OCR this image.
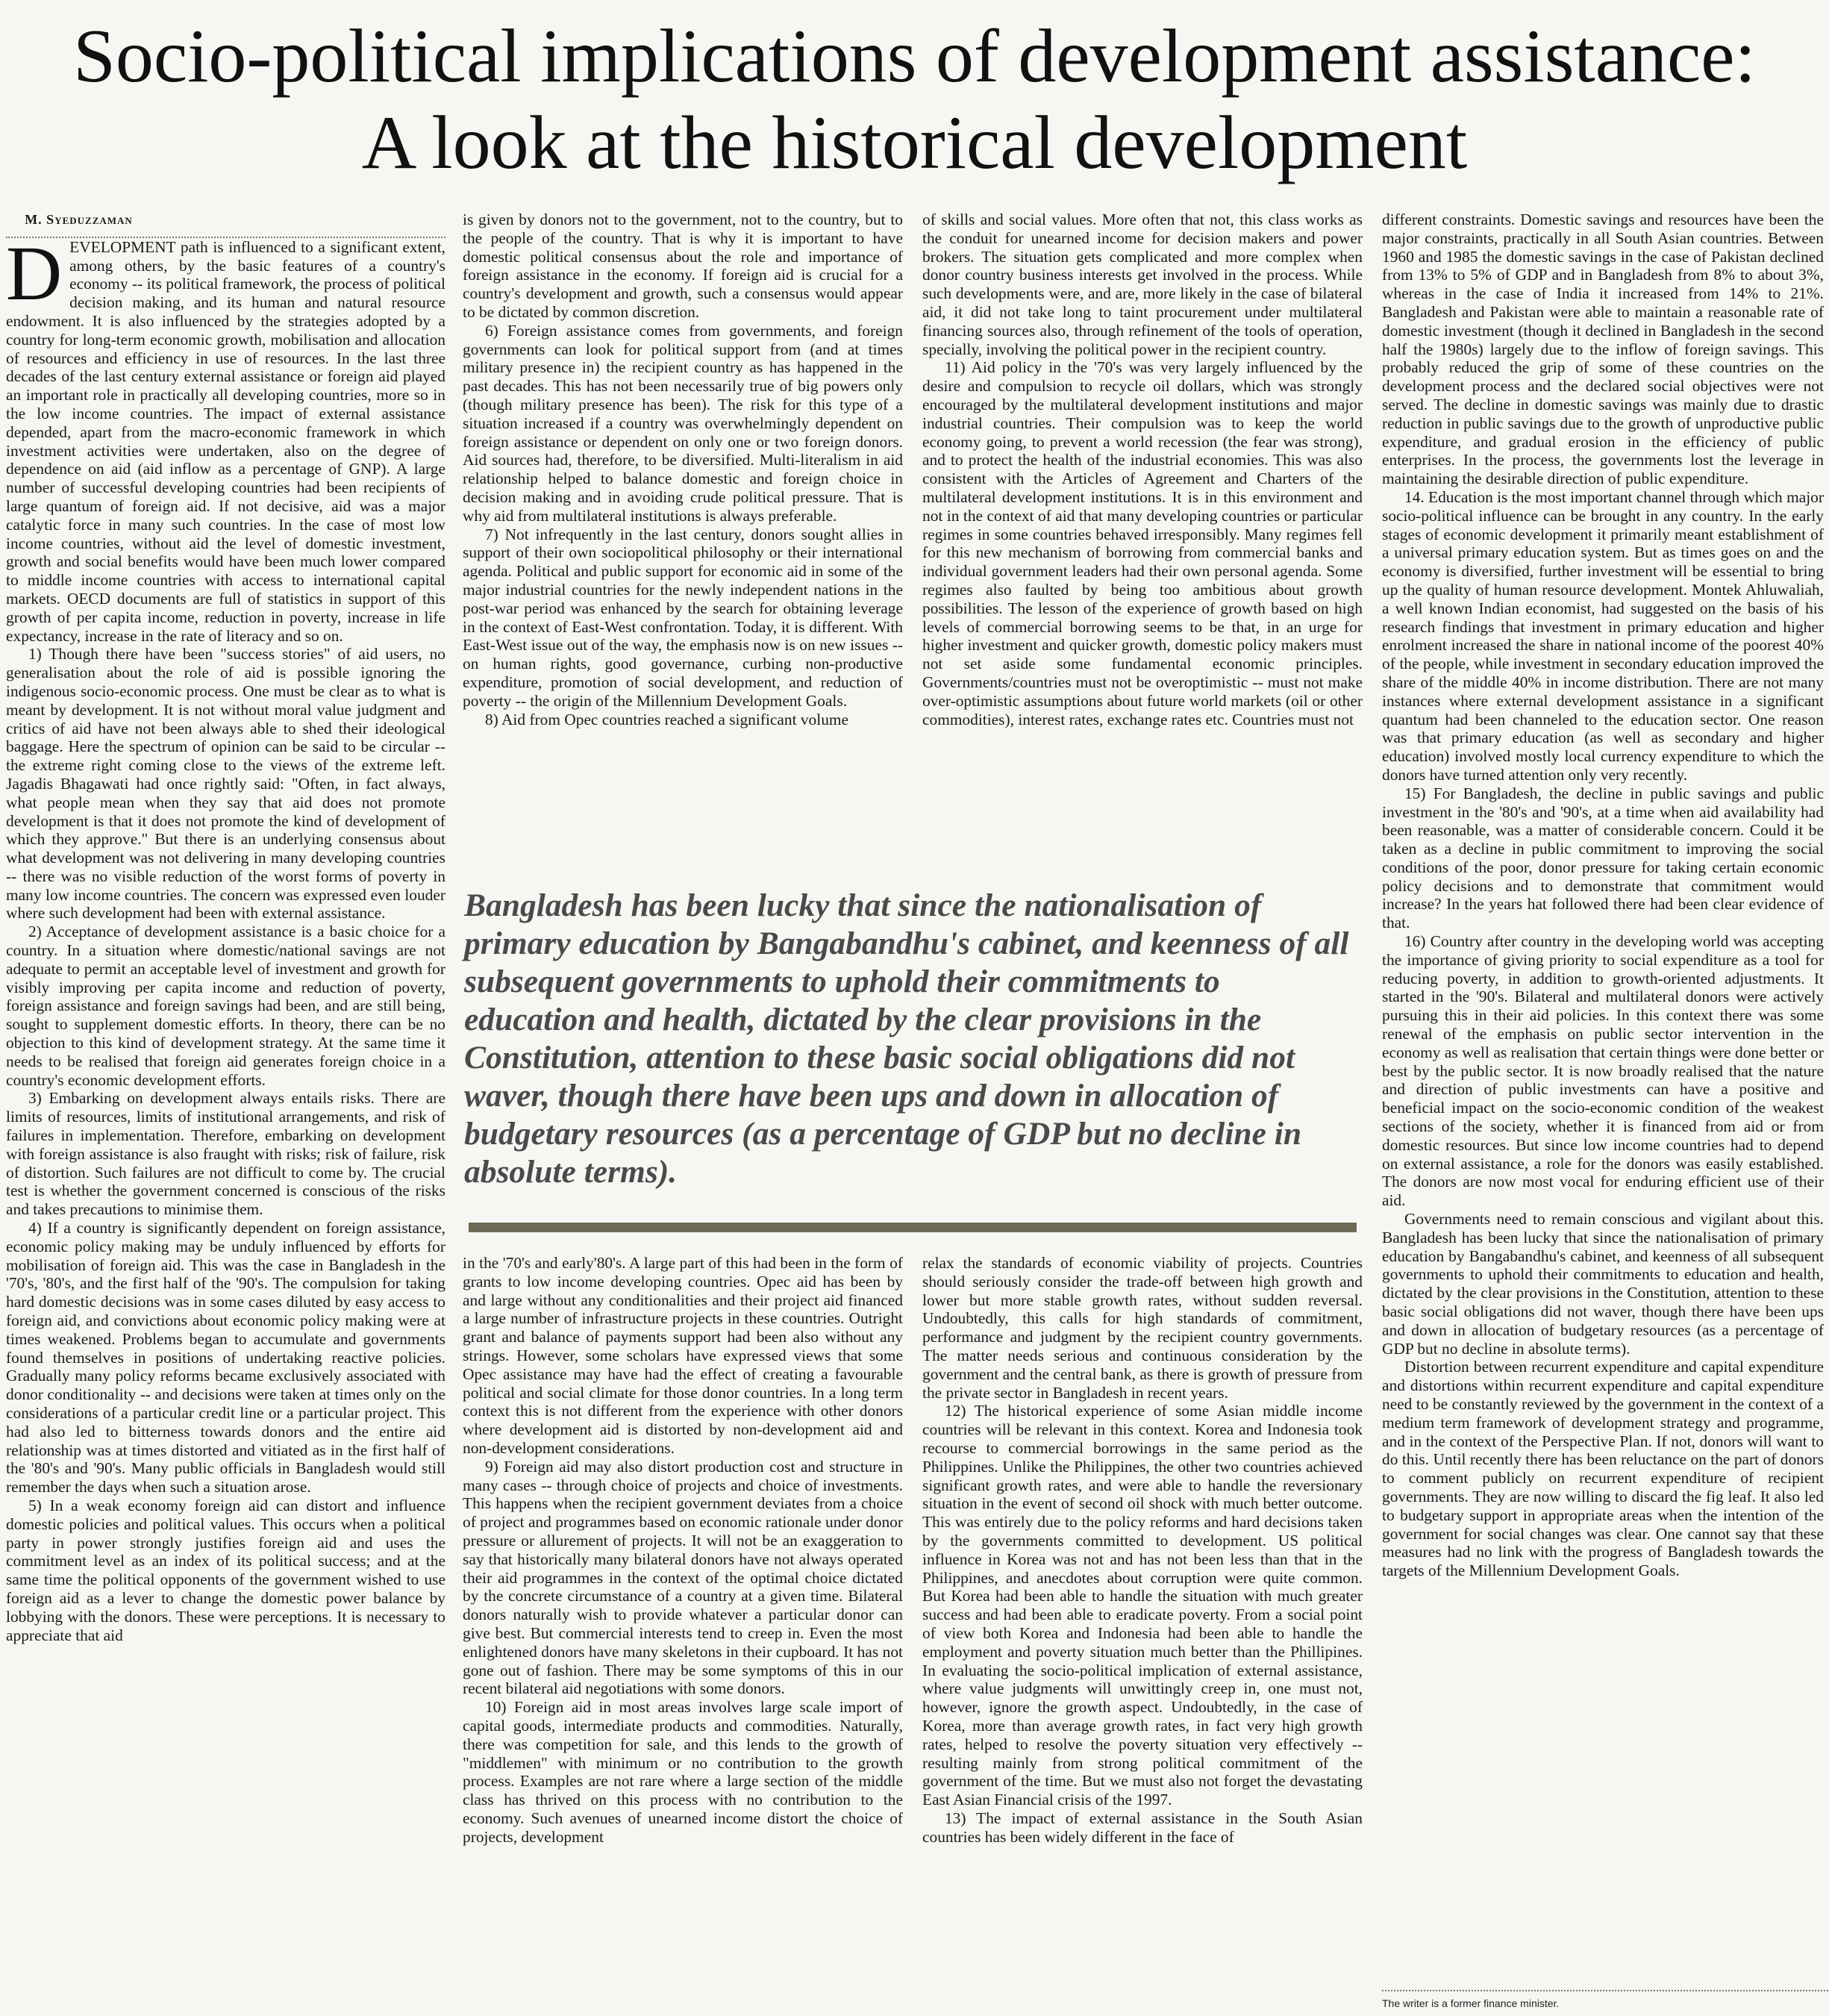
Socio-political implications of development assistance:
A look at the historical development

M. Syeduzzaman

DEVELOPMENT path is influenced to a significant extent, among others, by the basic features of a country's economy -- its political framework, the process of political decision making, and its human and natural resource endowment. It is also influenced by the strategies adopted by a country for long-term economic growth, mobilisation and allocation of resources and efficiency in use of resources. In the last three decades of the last century external assistance or foreign aid played an important role in practically all developing countries, more so in the low income countries. The impact of external assistance depended, apart from the macro-economic framework in which investment activities were undertaken, also on the degree of dependence on aid (aid inflow as a percentage of GNP). A large number of successful developing countries had been recipients of large quantum of foreign aid. If not decisive, aid was a major catalytic force in many such countries. In the case of most low income countries, without aid the level of domestic investment, growth and social benefits would have been much lower compared to middle income countries with access to international capital markets. OECD documents are full of statistics in support of this growth of per capita income, reduction in poverty, increase in life expectancy, increase in the rate of literacy and so on.

1) Though there have been "success stories" of aid users, no generalisation about the role of aid is possible ignoring the indigenous socio-economic process. One must be clear as to what is meant by development. It is not without moral value judgment and critics of aid have not been always able to shed their ideological baggage. Here the spectrum of opinion can be said to be circular -- the extreme right coming close to the views of the extreme left. Jagadis Bhagawati had once rightly said: "Often, in fact always, what people mean when they say that aid does not promote development is that it does not promote the kind of development of which they approve." But there is an underlying consensus about what development was not delivering in many developing countries -- there was no visible reduction of the worst forms of poverty in many low income countries. The concern was expressed even louder where such development had been with external assistance.

2) Acceptance of development assistance is a basic choice for a country. In a situation where domestic/national savings are not adequate to permit an acceptable level of investment and growth for visibly improving per capita income and reduction of poverty, foreign assistance and foreign savings had been, and are still being, sought to supplement domestic efforts. In theory, there can be no objection to this kind of development strategy. At the same time it needs to be realised that foreign aid generates foreign choice in a country's economic development efforts.

3) Embarking on development always entails risks. There are limits of resources, limits of institutional arrangements, and risk of failures in implementation. Therefore, embarking on development with foreign assistance is also fraught with risks; risk of failure, risk of distortion. Such failures are not difficult to come by. The crucial test is whether the government concerned is conscious of the risks and takes precautions to minimise them.

4) If a country is significantly dependent on foreign assistance, economic policy making may be unduly influenced by efforts for mobilisation of foreign aid. This was the case in Bangladesh in the '70's, '80's, and the first half of the '90's. The compulsion for taking hard domestic decisions was in some cases diluted by easy access to foreign aid, and convictions about economic policy making were at times weakened. Problems began to accumulate and governments found themselves in positions of undertaking reactive policies. Gradually many policy reforms became exclusively associated with donor conditionality -- and decisions were taken at times only on the considerations of a particular credit line or a particular project. This had also led to bitterness towards donors and the entire aid relationship was at times distorted and vitiated as in the first half of the '80's and '90's. Many public officials in Bangladesh would still remember the days when such a situation arose.

5) In a weak economy foreign aid can distort and influence domestic policies and political values. This occurs when a political party in power strongly justifies foreign aid and uses the commitment level as an index of its political success; and at the same time the political opponents of the government wished to use foreign aid as a lever to change the domestic power balance by lobbying with the donors. These were perceptions. It is necessary to appreciate that aid

is given by donors not to the government, not to the country, but to the people of the country. That is why it is important to have domestic political consensus about the role and importance of foreign assistance in the economy. If foreign aid is crucial for a country's development and growth, such a consensus would appear to be dictated by common discretion.

6) Foreign assistance comes from governments, and foreign governments can look for political support from (and at times military presence in) the recipient country as has happened in the past decades. This has not been necessarily true of big powers only (though military presence has been). The risk for this type of a situation increased if a country was overwhelmingly dependent on foreign assistance or dependent on only one or two foreign donors. Aid sources had, therefore, to be diversified. Multi-literalism in aid relationship helped to balance domestic and foreign choice in decision making and in avoiding crude political pressure. That is why aid from multilateral institutions is always preferable.

7) Not infrequently in the last century, donors sought allies in support of their own sociopolitical philosophy or their international agenda. Political and public support for economic aid in some of the major industrial countries for the newly independent nations in the post-war period was enhanced by the search for obtaining leverage in the context of East-West confrontation. Today, it is different. With East-West issue out of the way, the emphasis now is on new issues -- on human rights, good governance, curbing non-productive expenditure, promotion of social development, and reduction of poverty -- the origin of the Millennium Development Goals.

8) Aid from Opec countries reached a significant volume

of skills and social values. More often that not, this class works as the conduit for unearned income for decision makers and power brokers. The situation gets complicated and more complex when donor country business interests get involved in the process. While such developments were, and are, more likely in the case of bilateral aid, it did not take long to taint procurement under multilateral financing sources also, through refinement of the tools of operation, specially, involving the political power in the recipient country.

11) Aid policy in the '70's was very largely influenced by the desire and compulsion to recycle oil dollars, which was strongly encouraged by the multilateral development institutions and major industrial countries. Their compulsion was to keep the world economy going, to prevent a world recession (the fear was strong), and to protect the health of the industrial economies. This was also consistent with the Articles of Agreement and Charters of the multilateral development institutions. It is in this environment and not in the context of aid that many developing countries or particular regimes in some countries behaved irresponsibly. Many regimes fell for this new mechanism of borrowing from commercial banks and individual government leaders had their own personal agenda. Some regimes also faulted by being too ambitious about growth possibilities. The lesson of the experience of growth based on high levels of commercial borrowing seems to be that, in an urge for higher investment and quicker growth, domestic policy makers must not set aside some fundamental economic principles. Governments/countries must not be overoptimistic -- must not make over-optimistic assumptions about future world markets (oil or other commodities), interest rates, exchange rates etc. Countries must not

Bangladesh has been lucky that since the nationalisation of primary education by Bangabandhu's cabinet, and keenness of all subsequent governments to uphold their commitments to education and health, dictated by the clear provisions in the Constitution, attention to these basic social obligations did not waver, though there have been ups and down in allocation of budgetary resources (as a percentage of GDP but no decline in absolute terms).

in the '70's and early'80's. A large part of this had been in the form of grants to low income developing countries. Opec aid has been by and large without any conditionalities and their project aid financed a large number of infrastructure projects in these countries. Outright grant and balance of payments support had been also without any strings. However, some scholars have expressed views that some Opec assistance may have had the effect of creating a favourable political and social climate for those donor countries. In a long term context this is not different from the experience with other donors where development aid is distorted by non-development aid and non-development considerations.

9) Foreign aid may also distort production cost and structure in many cases -- through choice of projects and choice of investments. This happens when the recipient government deviates from a choice of project and programmes based on economic rationale under donor pressure or allurement of projects. It will not be an exaggeration to say that historically many bilateral donors have not always operated their aid programmes in the context of the optimal choice dictated by the concrete circumstance of a country at a given time. Bilateral donors naturally wish to provide whatever a particular donor can give best. But commercial interests tend to creep in. Even the most enlightened donors have many skeletons in their cupboard. It has not gone out of fashion. There may be some symptoms of this in our recent bilateral aid negotiations with some donors.

10) Foreign aid in most areas involves large scale import of capital goods, intermediate products and commodities. Naturally, there was competition for sale, and this lends to the growth of "middlemen" with minimum or no contribution to the growth process. Examples are not rare where a large section of the middle class has thrived on this process with no contribution to the economy. Such avenues of unearned income distort the choice of projects, development

relax the standards of economic viability of projects. Countries should seriously consider the trade-off between high growth and lower but more stable growth rates, without sudden reversal. Undoubtedly, this calls for high standards of commitment, performance and judgment by the recipient country governments. The matter needs serious and continuous consideration by the government and the central bank, as there is growth of pressure from the private sector in Bangladesh in recent years.

12) The historical experience of some Asian middle income countries will be relevant in this context. Korea and Indonesia took recourse to commercial borrowings in the same period as the Philippines. Unlike the Philippines, the other two countries achieved significant growth rates, and were able to handle the reversionary situation in the event of second oil shock with much better outcome. This was entirely due to the policy reforms and hard decisions taken by the governments committed to development. US political influence in Korea was not and has not been less than that in the Philippines, and anecdotes about corruption were quite common. But Korea had been able to handle the situation with much greater success and had been able to eradicate poverty. From a social point of view both Korea and Indonesia had been able to handle the employment and poverty situation much better than the Phillipines. In evaluating the socio-political implication of external assistance, where value judgments will unwittingly creep in, one must not, however, ignore the growth aspect. Undoubtedly, in the case of Korea, more than average growth rates, in fact very high growth rates, helped to resolve the poverty situation very effectively --resulting mainly from strong political commitment of the government of the time. But we must also not forget the devastating East Asian Financial crisis of the 1997.

13) The impact of external assistance in the South Asian countries has been widely different in the face of

different constraints. Domestic savings and resources have been the major constraints, practically in all South Asian countries. Between 1960 and 1985 the domestic savings in the case of Pakistan declined from 13% to 5% of GDP and in Bangladesh from 8% to about 3%, whereas in the case of India it increased from 14% to 21%. Bangladesh and Pakistan were able to maintain a reasonable rate of domestic investment (though it declined in Bangladesh in the second half the 1980s) largely due to the inflow of foreign savings. This probably reduced the grip of some of these countries on the development process and the declared social objectives were not served. The decline in domestic savings was mainly due to drastic reduction in public savings due to the growth of unproductive public expenditure, and gradual erosion in the efficiency of public enterprises. In the process, the governments lost the leverage in maintaining the desirable direction of public expenditure.

14. Education is the most important channel through which major socio-political influence can be brought in any country. In the early stages of economic development it primarily meant establishment of a universal primary education system. But as times goes on and the economy is diversified, further investment will be essential to bring up the quality of human resource development. Montek Ahluwaliah, a well known Indian economist, had suggested on the basis of his research findings that investment in primary education and higher enrolment increased the share in national income of the poorest 40% of the people, while investment in secondary education improved the share of the middle 40% in income distribution. There are not many instances where external development assistance in a significant quantum had been channeled to the education sector. One reason was that primary education (as well as secondary and higher education) involved mostly local currency expenditure to which the donors have turned attention only very recently.

15) For Bangladesh, the decline in public savings and public investment in the '80's and '90's, at a time when aid availability had been reasonable, was a matter of considerable concern. Could it be taken as a decline in public commitment to improving the social conditions of the poor, donor pressure for taking certain economic policy decisions and to demonstrate that commitment would increase? In the years hat followed there had been clear evidence of that.

16) Country after country in the developing world was accepting the importance of giving priority to social expenditure as a tool for reducing poverty, in addition to growth-oriented adjustments. It started in the '90's. Bilateral and multilateral donors were actively pursuing this in their aid policies. In this context there was some renewal of the emphasis on public sector intervention in the economy as well as realisation that certain things were done better or best by the public sector. It is now broadly realised that the nature and direction of public investments can have a positive and beneficial impact on the socio-economic condition of the weakest sections of the society, whether it is financed from aid or from domestic resources. But since low income countries had to depend on external assistance, a role for the donors was easily established. The donors are now most vocal for enduring efficient use of their aid.

Governments need to remain conscious and vigilant about this. Bangladesh has been lucky that since the nationalisation of primary education by Bangabandhu's cabinet, and keenness of all subsequent governments to uphold their commitments to education and health, dictated by the clear provisions in the Constitution, attention to these basic social obligations did not waver, though there have been ups and down in allocation of budgetary resources (as a percentage of GDP but no decline in absolute terms).

Distortion between recurrent expenditure and capital expenditure and distortions within recurrent expenditure and capital expenditure need to be constantly reviewed by the government in the context of a medium term framework of development strategy and programme, and in the context of the Perspective Plan. If not, donors will want to do this. Until recently there has been reluctance on the part of donors to comment publicly on recurrent expenditure of recipient governments. They are now willing to discard the fig leaf. It also led to budgetary support in appropriate areas when the intention of the government for social changes was clear. One cannot say that these measures had no link with the progress of Bangladesh towards the targets of the Millennium Development Goals.

The writer is a former finance minister.
